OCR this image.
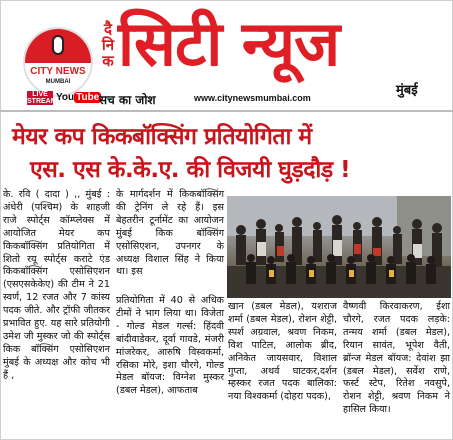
CITY NEWS
MUMBAI
दै
नि
क सिटी न्यूज
मुंबई
LIVE
STREAM You Tube सच का जोश	www.citynewsmumbai.com
मेयर कप किकबॉक्सिंग प्रतियोगिता में
एस. एस के.के.ए. की विजयी घुड़दौड़ !
के. रवि ( दादा ) ,, मुंबई : अंधेरी (पश्चिम) के शाहजी राजे स्पोर्ट्स कॉम्प्लेक्स में आयोजित मेयर कप किकबॉक्सिंग प्रतियोगिता में शितो रयू स्पोर्ट्स कराटे एंड किकबॉक्सिंग एसोसिएशन (एसएसकेकेए) की टीम ने 21 स्वर्ण, 12 रजत और 7 कांस्य पदक जीते. और ट्रॉफी जीतकर प्रभावित हुए. यह सारे प्रतियोगी उमेश जी मुस्कर जो की स्पोर्ट्स किक बॉक्सिंग एसोसिएशन मुंबई के अध्यक्ष और कोच भी हैं ,
के मार्गदर्शन में किकबॉक्सिंग की ट्रेनिंग ले रहे हैं। इस बेहतरीन टूर्नामेंट का आयोजन मुंबई किक बॉक्सिंग एसोसिएशन, उपनगर के अध्यक्ष विशाल सिंह ने किया था। इस
प्रतियोगिता में 40 से अधिक टीमों ने भाग लिया था। विजेता - गोल्ड मेडल गर्ल्स: हिंदवी बांदीवाडेकर, दूर्वा गावडे, मंजरी मांजरेकर, आरुषि विस्वकर्मा, रसिका मोरे, इशा चौरगे, गोल्ड मेडल बॉयज: विग्नेश मुस्कर (डबल मेडल), आफताब
खान (डबल मेडल), यशराज शर्मा (डबल मेडल), रोशन शेट्टी, स्पर्श अग्रवाल, श्रवण निकम, विश पाटिल, आलोक ब्रीद, अनिकेत जायसवार, विशाल गुप्ता, अथर्व घाटकर,दर्शन म्हस्कर रजत पदक बालिका: नया विश्वकर्मा (दोहरा पदक),
वैष्णवी किरवाकरण, ईशा चौरगे, रजत पदक लड़के: तन्मय शर्मा (डबल मेडल), रियान सावंत, भूपेश वैती, ब्रॉन्ज मेडल बॉयज: देवांश झा (डबल मेडल), सर्वेश राणे, फर्स्ट स्टेप, रितेश नवसुपे, रोशन शेट्टी, श्रवण निकम ने हासिल किया।
